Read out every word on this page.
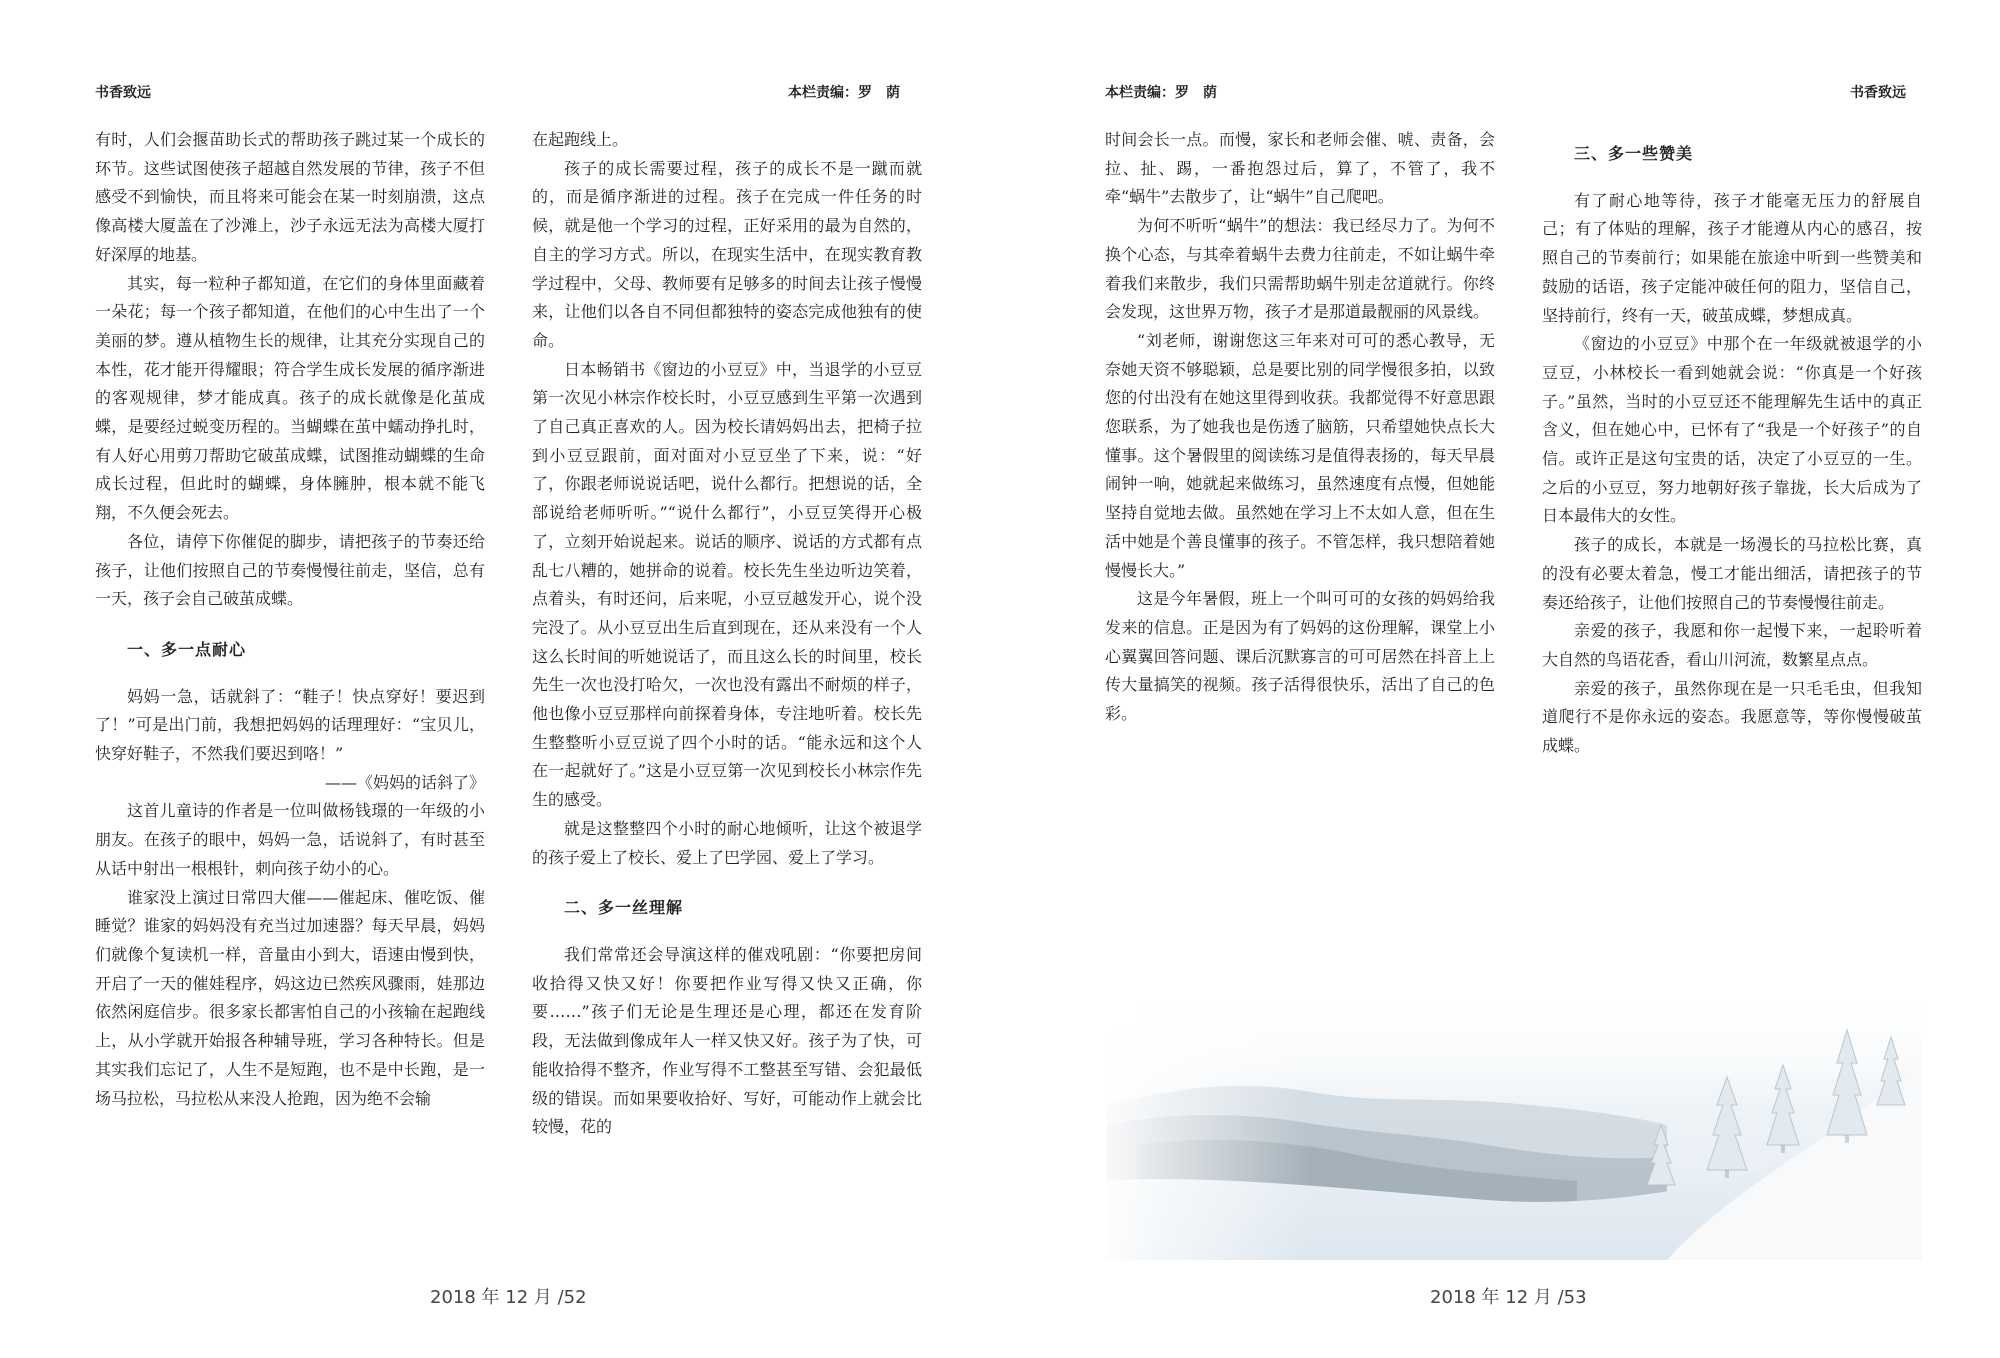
书香致远	本栏责编：罗　荫

有时，人们会揠苗助长式的帮助孩子跳过某一个成长的环节。这些试图使孩子超越自然发展的节律，孩子不但感受不到愉快，而且将来可能会在某一时刻崩溃，这点像高楼大厦盖在了沙滩上，沙子永远无法为高楼大厦打好深厚的地基。

其实，每一粒种子都知道，在它们的身体里面藏着一朵花；每一个孩子都知道，在他们的心中生出了一个美丽的梦。遵从植物生长的规律，让其充分实现自己的本性，花才能开得耀眼；符合学生成长发展的循序渐进的客观规律，梦才能成真。孩子的成长就像是化茧成蝶，是要经过蜕变历程的。当蝴蝶在茧中蠕动挣扎时，有人好心用剪刀帮助它破茧成蝶，试图推动蝴蝶的生命成长过程，但此时的蝴蝶，身体臃肿，根本就不能飞翔，不久便会死去。

各位，请停下你催促的脚步，请把孩子的节奏还给孩子，让他们按照自己的节奏慢慢往前走，坚信，总有一天，孩子会自己破茧成蝶。

一、多一点耐心

妈妈一急，话就斜了：“鞋子！快点穿好！要迟到了！”可是出门前，我想把妈妈的话理理好：“宝贝儿，快穿好鞋子，不然我们要迟到咯！”

——《妈妈的话斜了》

这首儿童诗的作者是一位叫做杨钱璟的一年级的小朋友。在孩子的眼中，妈妈一急，话说斜了，有时甚至从话中射出一根根针，刺向孩子幼小的心。

谁家没上演过日常四大催——催起床、催吃饭、催睡觉？谁家的妈妈没有充当过加速器？每天早晨，妈妈们就像个复读机一样，音量由小到大，语速由慢到快，开启了一天的催娃程序，妈这边已然疾风骤雨，娃那边依然闲庭信步。很多家长都害怕自己的小孩输在起跑线上，从小学就开始报各种辅导班，学习各种特长。但是其实我们忘记了，人生不是短跑，也不是中长跑，是一场马拉松，马拉松从来没人抢跑，因为绝不会输

在起跑线上。

孩子的成长需要过程，孩子的成长不是一蹴而就的，而是循序渐进的过程。孩子在完成一件任务的时候，就是他一个学习的过程，正好采用的最为自然的，自主的学习方式。所以，在现实生活中，在现实教育教学过程中，父母、教师要有足够多的时间去让孩子慢慢来，让他们以各自不同但都独特的姿态完成他独有的使命。

日本畅销书《窗边的小豆豆》中，当退学的小豆豆第一次见小林宗作校长时，小豆豆感到生平第一次遇到了自己真正喜欢的人。因为校长请妈妈出去，把椅子拉到小豆豆跟前，面对面对小豆豆坐了下来，说：“好了，你跟老师说说话吧，说什么都行。把想说的话，全部说给老师听听。”“说什么都行”，小豆豆笑得开心极了，立刻开始说起来。说话的顺序、说话的方式都有点乱七八糟的，她拼命的说着。校长先生坐边听边笑着，点着头，有时还问，后来呢，小豆豆越发开心，说个没完没了。从小豆豆出生后直到现在，还从来没有一个人这么长时间的听她说话了，而且这么长的时间里，校长先生一次也没打哈欠，一次也没有露出不耐烦的样子，他也像小豆豆那样向前探着身体，专注地听着。校长先生整整听小豆豆说了四个小时的话。“能永远和这个人在一起就好了。”这是小豆豆第一次见到校长小林宗作先生的感受。

就是这整整四个小时的耐心地倾听，让这个被退学的孩子爱上了校长、爱上了巴学园、爱上了学习。

二、多一丝理解

我们常常还会导演这样的催戏吼剧：“你要把房间收拾得又快又好！你要把作业写得又快又正确，你要……”孩子们无论是生理还是心理，都还在发育阶段，无法做到像成年人一样又快又好。孩子为了快，可能收拾得不整齐，作业写得不工整甚至写错、会犯最低级的错误。而如果要收拾好、写好，可能动作上就会比较慢，花的

2018 年 12 月 /52
本栏责编：罗　荫	书香致远

时间会长一点。而慢，家长和老师会催、唬、责备，会拉、扯、踢，一番抱怨过后，算了，不管了，我不牵“蜗牛”去散步了，让“蜗牛”自己爬吧。

为何不听听“蜗牛”的想法：我已经尽力了。为何不换个心态，与其牵着蜗牛去费力往前走，不如让蜗牛牵着我们来散步，我们只需帮助蜗牛别走岔道就行。你终会发现，这世界万物，孩子才是那道最靓丽的风景线。

“刘老师，谢谢您这三年来对可可的悉心教导，无奈她天资不够聪颖，总是要比别的同学慢很多拍，以致您的付出没有在她这里得到收获。我都觉得不好意思跟您联系，为了她我也是伤透了脑筋，只希望她快点长大懂事。这个暑假里的阅读练习是值得表扬的，每天早晨闹钟一响，她就起来做练习，虽然速度有点慢，但她能坚持自觉地去做。虽然她在学习上不太如人意，但在生活中她是个善良懂事的孩子。不管怎样，我只想陪着她慢慢长大。”

这是今年暑假，班上一个叫可可的女孩的妈妈给我发来的信息。正是因为有了妈妈的这份理解，课堂上小心翼翼回答问题、课后沉默寡言的可可居然在抖音上上传大量搞笑的视频。孩子活得很快乐，活出了自己的色彩。

三、多一些赞美

有了耐心地等待，孩子才能毫无压力的舒展自己；有了体贴的理解，孩子才能遵从内心的感召，按照自己的节奏前行；如果能在旅途中听到一些赞美和鼓励的话语，孩子定能冲破任何的阻力，坚信自己，坚持前行，终有一天，破茧成蝶，梦想成真。

《窗边的小豆豆》中那个在一年级就被退学的小豆豆，小林校长一看到她就会说：“你真是一个好孩子。”虽然，当时的小豆豆还不能理解先生话中的真正含义，但在她心中，已怀有了“我是一个好孩子”的自信。或许正是这句宝贵的话，决定了小豆豆的一生。之后的小豆豆，努力地朝好孩子靠拢，长大后成为了日本最伟大的女性。

孩子的成长，本就是一场漫长的马拉松比赛，真的没有必要太着急，慢工才能出细活，请把孩子的节奏还给孩子，让他们按照自己的节奏慢慢往前走。

亲爱的孩子，我愿和你一起慢下来，一起聆听着大自然的鸟语花香，看山川河流，数繁星点点。

亲爱的孩子，虽然你现在是一只毛毛虫，但我知道爬行不是你永远的姿态。我愿意等，等你慢慢破茧成蝶。

2018 年 12 月 /53
